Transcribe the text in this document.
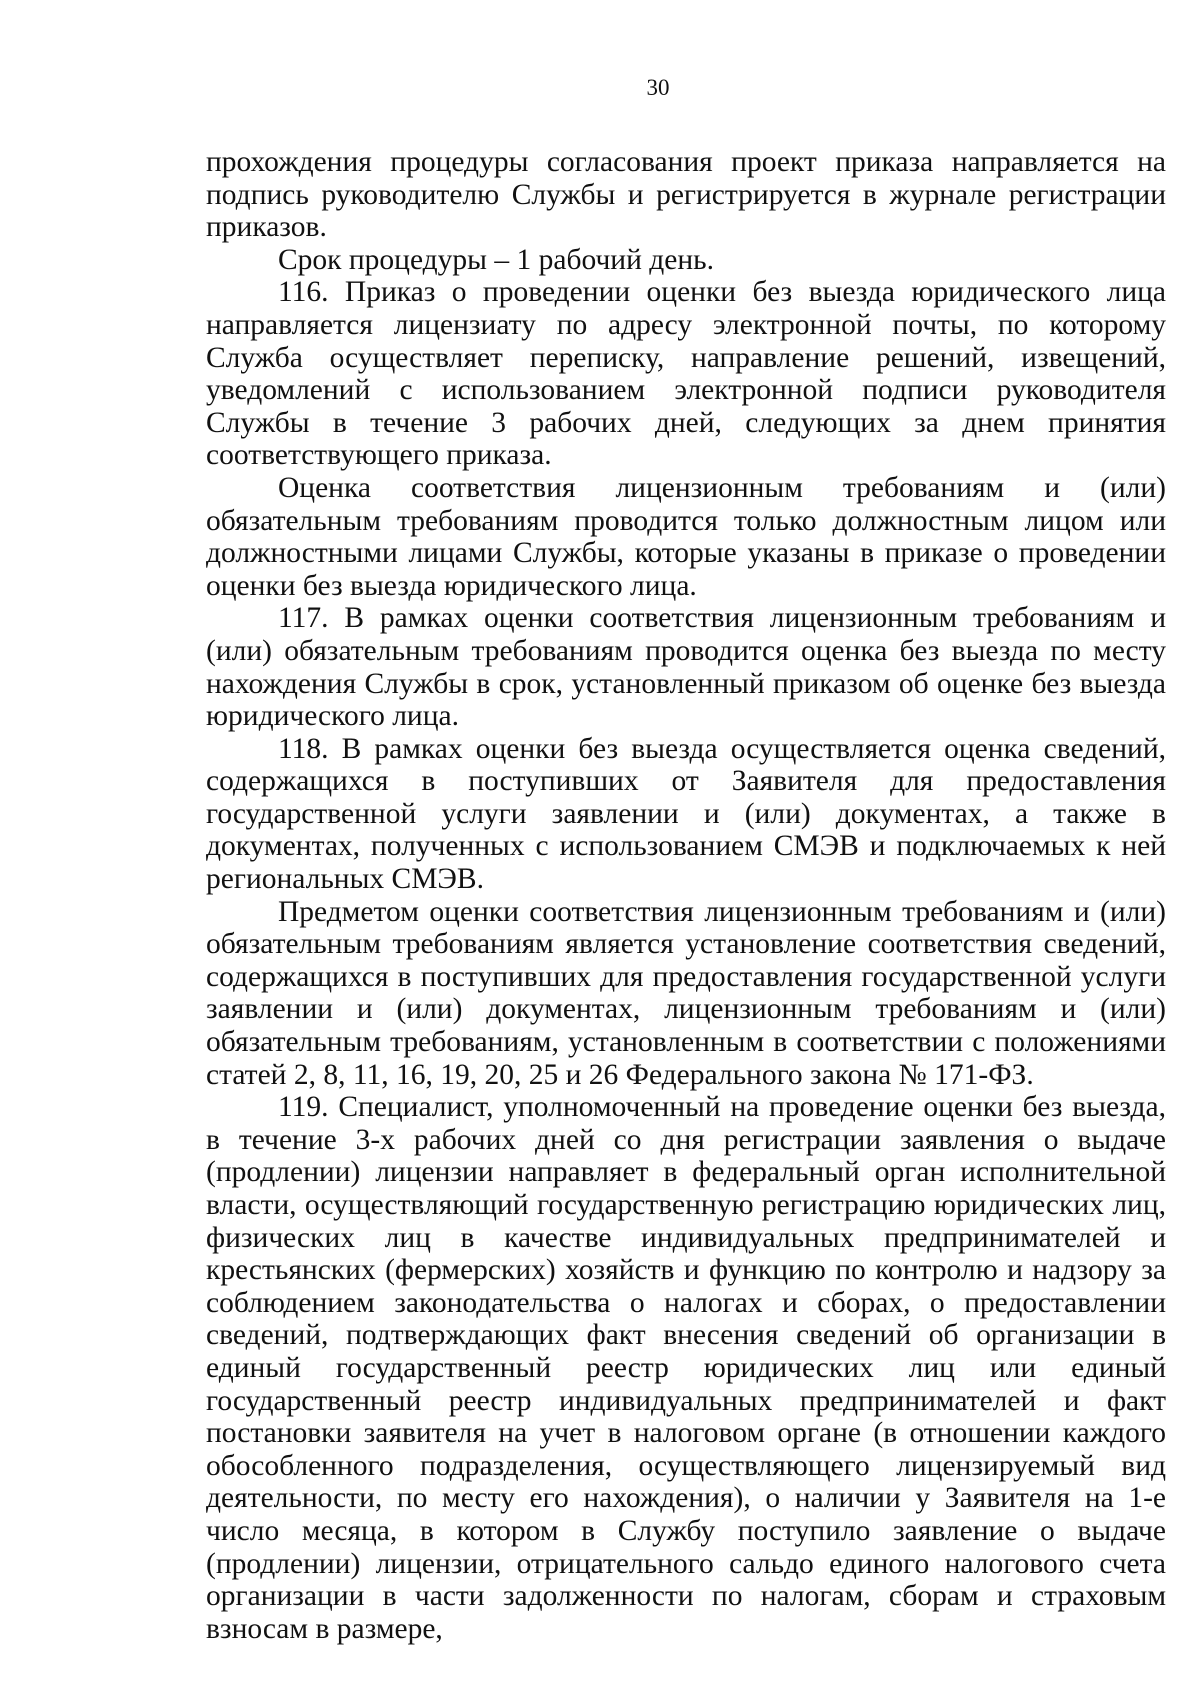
30

прохождения процедуры согласования проект приказа направляется на подпись руководителю Службы и регистрируется в журнале регистрации приказов.

Срок процедуры – 1 рабочий день.

116. Приказ о проведении оценки без выезда юридического лица направляется лицензиату по адресу электронной почты, по которому Служба осуществляет переписку, направление решений, извещений, уведомлений с использованием электронной подписи руководителя Службы в течение 3 рабочих дней, следующих за днем принятия соответствующего приказа.

Оценка соответствия лицензионным требованиям и (или) обязательным требованиям проводится только должностным лицом или должностными лицами Службы, которые указаны в приказе о проведении оценки без выезда юридического лица.

117. В рамках оценки соответствия лицензионным требованиям и (или) обязательным требованиям проводится оценка без выезда по месту нахождения Службы в срок, установленный приказом об оценке без выезда юридического лица.

118. В рамках оценки без выезда осуществляется оценка сведений, содержащихся в поступивших от Заявителя для предоставления государственной услуги заявлении и (или) документах, а также в документах, полученных с использованием СМЭВ и подключаемых к ней региональных СМЭВ.

Предметом оценки соответствия лицензионным требованиям и (или) обязательным требованиям является установление соответствия сведений, содержащихся в поступивших для предоставления государственной услуги заявлении и (или) документах, лицензионным требованиям и (или) обязательным требованиям, установленным в соответствии с положениями статей 2, 8, 11, 16, 19, 20, 25 и 26 Федерального закона № 171-ФЗ.

119. Специалист, уполномоченный на проведение оценки без выезда, в течение 3-х рабочих дней со дня регистрации заявления о выдаче (продлении) лицензии направляет в федеральный орган исполнительной власти, осуществляющий государственную регистрацию юридических лиц, физических лиц в качестве индивидуальных предпринимателей и крестьянских (фермерских) хозяйств и функцию по контролю и надзору за соблюдением законодательства о налогах и сборах, о предоставлении сведений, подтверждающих факт внесения сведений об организации в единый государственный реестр юридических лиц или единый государственный реестр индивидуальных предпринимателей и факт постановки заявителя на учет в налоговом органе (в отношении каждого обособленного подразделения, осуществляющего лицензируемый вид деятельности, по месту его нахождения), о наличии у Заявителя на 1-е число месяца, в котором в Службу поступило заявление о выдаче (продлении) лицензии, отрицательного сальдо единого налогового счета организации в части задолженности по налогам, сборам и страховым взносам в размере,
